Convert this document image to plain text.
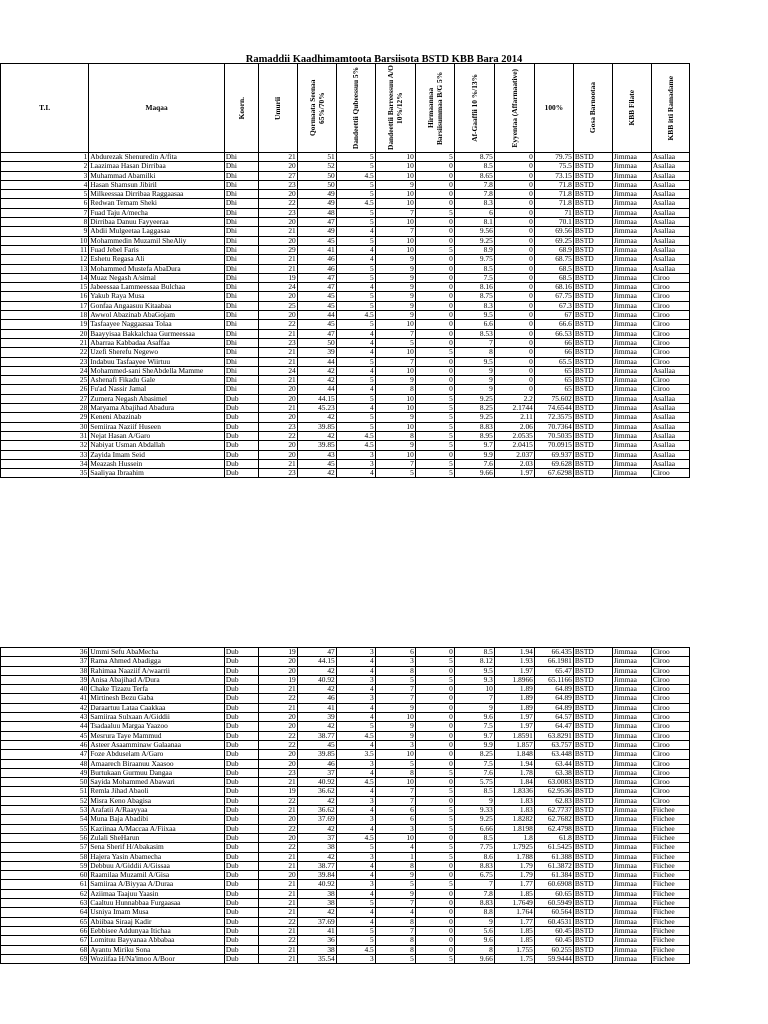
Ramaddii Kaadhimamtoota Barsiisota BSTD KBB Bara 2014
T.I.	Maqaa	Koorn.	Umurii	Qormaata Seenaa 65%/70%	Dandeettii Qubeessuu 5%	Dandeettii Barreessuu A/O 10%/12%	Hirmaannaa Barsiisummaa B/G 5%	Af-Gaaffii 10 %/13%	Eyyentaa (Affarmaative)	100%	Gosa Barnootaa	KBB Filate	KBB itti Ramadame

1	Abdurezak Shenuredin A/fita	Dhi	21	51	5	10	5	8.75	0	79.75	BSTD	Jimmaa	Asallaa
2	Laazimaa Hasan Dirribaa	Dhi	20	52	5	10	0	8.5	0	75.5	BSTD	Jimmaa	Asallaa
3	Muhammad Abamilki	Dhi	27	50	4.5	10	0	8.65	0	73.15	BSTD	Jimmaa	Asallaa
4	Hasan Shamsun Jibiril	Dhi	23	50	5	9	0	7.8	0	71.8	BSTD	Jimmaa	Asallaa
5	Milkeessaa Dirribaa Raggaasaa	Dhi	20	49	5	10	0	7.8	0	71.8	BSTD	Jimmaa	Asallaa
6	Redwan Temam Sheki	Dhi	22	49	4.5	10	0	8.3	0	71.8	BSTD	Jimmaa	Asallaa
7	Fuad Taju A/mecha	Dhi	23	48	5	7	5	6	0	71	BSTD	Jimmaa	Asallaa
8	Dirribaa Danuu Fayyeeraa	Dhi	20	47	5	10	0	8.1	0	70.1	BSTD	Jimmaa	Asallaa
9	Abdii Mulgeetaa Laggasaa	Dhi	21	49	4	7	0	9.56	0	69.56	BSTD	Jimmaa	Asallaa
10	Mohammedin Muzamil SheAliy	Dhi	20	45	5	10	0	9.25	0	69.25	BSTD	Jimmaa	Asallaa
11	Fuad Jebel Faris	Dhi	29	41	4	10	5	8.9	0	68.9	BSTD	Jimmaa	Asallaa
12	Eshetu Regasa Ali	Dhi	21	46	4	9	0	9.75	0	68.75	BSTD	Jimmaa	Asallaa
13	Mohammed Mustefa AbaDura	Dhi	21	46	5	9	0	8.5	0	68.5	BSTD	Jimmaa	Asallaa
14	Muaz Negash A/simal	Dhi	19	47	5	9	0	7.5	0	68.5	BSTD	Jimmaa	Ciroo
15	Jabeessaa Lammeessaa Bulchaa	Dhi	24	47	4	9	0	8.16	0	68.16	BSTD	Jimmaa	Ciroo
16	Yakub Raya Musa	Dhi	20	45	5	9	0	8.75	0	67.75	BSTD	Jimmaa	Ciroo
17	Gonfaa Angaasuu Kitaabaa	Dhi	25	45	5	9	0	8.3	0	67.3	BSTD	Jimmaa	Ciroo
18	Awwol Abazinab AbaGojam	Dhi	20	44	4.5	9	0	9.5	0	67	BSTD	Jimmaa	Ciroo
19	Tasfaayee Naggaasaa Tolaa	Dhi	22	45	5	10	0	6.6	0	66.6	BSTD	Jimmaa	Ciroo
20	Baayyisaa Bakkalchaa Gurmeessaa	Dhi	21	47	4	7	0	8.53	0	66.53	BSTD	Jimmaa	Ciroo
21	Abarraa Kabbadaa Asaffaa	Dhi	23	50	4	5	0	7	0	66	BSTD	Jimmaa	Ciroo
22	Uzefi Sherefu Negewo	Dhi	21	39	4	10	5	8	0	66	BSTD	Jimmaa	Ciroo
23	Indabuu Tasfaayee Wiirtuu	Dhi	21	44	5	7	0	9.5	0	65.5	BSTD	Jimmaa	Ciroo
24	Mohammed-sani SheAbdella Mamme	Dhi	24	42	4	10	0	9	0	65	BSTD	Jimmaa	Asallaa
25	Ashenafi Fikadu Gale	Dhi	21	42	5	9	0	9	0	65	BSTD	Jimmaa	Ciroo
26	Fu'ad Nassir Jamal	Dhi	20	44	4	8	0	9	0	65	BSTD	Jimmaa	Ciroo
27	Zumera Negash Abasimel	Dub	20	44.15	5	10	5	9.25	2.2	75.602	BSTD	Jimmaa	Asallaa
28	Maryama Abajihad Abadura	Dub	21	45.23	4	10	5	8.25	2.1744	74.6544	BSTD	Jimmaa	Asallaa
29	Keneni Abazinab	Dub	20	42	5	9	5	9.25	2.11	72.3575	BSTD	Jimmaa	Asallaa
30	Semiiraa Naziif Huseen	Dub	23	39.85	5	10	5	8.83	2.06	70.7364	BSTD	Jimmaa	Asallaa
31	Nejat Hasan A/Garo	Dub	22	42	4.5	8	5	8.95	2.0535	70.5035	BSTD	Jimmaa	Asallaa
32	Nabiyat Usman Abdallah	Dub	20	39.85	4.5	9	5	9.7	2.0415	70.0915	BSTD	Jimmaa	Asallaa
33	Zayida Imam Seid	Dub	20	43	3	10	0	9.9	2.037	69.937	BSTD	Jimmaa	Asallaa
34	Meazash Hussein	Dub	21	45	3	7	5	7.6	2.03	69.628	BSTD	Jimmaa	Asallaa
35	Saaliyaa Ibraahim	Dub	23	42	4	5	5	9.66	1.97	67.6298	BSTD	Jimmaa	Ciroo
36	Ummi Sefu AbaMecha	Dub	19	47	3	6	0	8.5	1.94	66.435	BSTD	Jimmaa	Ciroo
37	Rama Ahmed Abadigga	Dub	20	44.15	4	3	5	8.12	1.93	66.1981	BSTD	Jimmaa	Ciroo
38	Rahimaa Naaziif A/waarrii	Dub	20	42	4	8	0	9.5	1.97	65.47	BSTD	Jimmaa	Ciroo
39	Anisa Abajihad A/Dura	Dub	19	40.92	3	5	5	9.3	1.8966	65.1166	BSTD	Jimmaa	Ciroo
40	Chake Tizazu Terfa	Dub	21	42	4	7	0	10	1.89	64.89	BSTD	Jimmaa	Ciroo
41	Mirtinesh Bezu Gaba	Dub	22	46	3	7	0	7	1.89	64.89	BSTD	Jimmaa	Ciroo
42	Daraartuu Lataa Caakkaa	Dub	21	41	4	9	0	9	1.89	64.89	BSTD	Jimmaa	Ciroo
43	Samiiraa Sulxaan A/Giddii	Dub	20	39	4	10	0	9.6	1.97	64.57	BSTD	Jimmaa	Ciroo
44	Tsadaaluu Margaa Yaazoo	Dub	20	42	5	9	0	7.5	1.97	64.47	BSTD	Jimmaa	Ciroo
45	Mesrura Taye Mammud	Dub	22	38.77	4.5	9	0	9.7	1.8591	63.8291	BSTD	Jimmaa	Ciroo
46	Asteer Asaamminaw Galaanaa	Dub	22	45	4	3	0	9.9	1.857	63.757	BSTD	Jimmaa	Ciroo
47	Foze Abduselam A/Garo	Dub	20	39.85	3.5	10	0	8.25	1.848	63.448	BSTD	Jimmaa	Ciroo
48	Amaarech Biraanuu Xaasoo	Dub	20	46	3	5	0	7.5	1.94	63.44	BSTD	Jimmaa	Ciroo
49	Burtukaan Gurmuu Dangaa	Dub	23	37	4	8	5	7.6	1.78	63.38	BSTD	Jimmaa	Ciroo
50	Sayida Mohammed Abawari	Dub	21	40.92	4.5	10	0	5.75	1.84	63.0083	BSTD	Jimmaa	Ciroo
51	Remla Jihad Abaoli	Dub	19	36.62	4	7	5	8.5	1.8336	62.9536	BSTD	Jimmaa	Ciroo
52	Misra Keno Abagisa	Dub	22	42	3	7	0	9	1.83	62.83	BSTD	Jimmaa	Ciroo
53	Arafatii A/Raayyaa	Dub	21	36.62	4	6	5	9.33	1.83	62.7737	BSTD	Jimmaa	Fiichee
54	Muna Baja Abadibi	Dub	20	37.69	3	6	5	9.25	1.8282	62.7682	BSTD	Jimmaa	Fiichee
55	Kaziinaa A/Maccaa A/Fiixaa	Dub	22	42	4	3	5	6.66	1.8198	62.4798	BSTD	Jimmaa	Fiichee
56	Zulali SheHarun	Dub	20	37	4.5	10	0	8.5	1.8	61.8	BSTD	Jimmaa	Fiichee
57	Sena Sherif H/Abakasim	Dub	22	38	5	4	5	7.75	1.7925	61.5425	BSTD	Jimmaa	Fiichee
58	Hajera Yasin Abamecha	Dub	21	42	3	1	5	8.6	1.788	61.388	BSTD	Jimmaa	Fiichee
59	Debbuu A/Giddii A/Gissaa	Dub	21	38.77	4	8	0	8.83	1.79	61.3872	BSTD	Jimmaa	Fiichee
60	Raamilaa Muzamil A/Gisa	Dub	20	39.84	4	9	0	6.75	1.79	61.384	BSTD	Jimmaa	Fiichee
61	Samiiraa A/Biyyaa A/Duraa	Dub	21	40.92	3	5	5	7	1.77	60.6908	BSTD	Jimmaa	Fiichee
62	Aziimaa Taajuu Yaasin	Dub	21	38	4	9	0	7.8	1.85	60.65	BSTD	Jimmaa	Fiichee
63	Caaltuu Hunnabbaa Furgaasaa	Dub	21	38	5	7	0	8.83	1.7649	60.5949	BSTD	Jimmaa	Fiichee
64	Usniya Imam Musa	Dub	21	42	4	4	0	8.8	1.764	60.564	BSTD	Jimmaa	Fiichee
65	Abiibaa Siraaj Kadir	Dub	22	37.69	4	8	0	9	1.77	60.4531	BSTD	Jimmaa	Fiichee
66	Eebbisee Addunyaa Itichaa	Dub	21	41	5	7	0	5.6	1.85	60.45	BSTD	Jimmaa	Fiichee
67	Lomituu Bayyanaa Abbabaa	Dub	22	36	5	8	0	9.6	1.85	60.45	BSTD	Jimmaa	Fiichee
68	Ayantu Miriku Sona	Dub	21	38	4.5	8	0	8	1.755	60.255	BSTD	Jimmaa	Fiichee
69	Woziifaa H/Na'imoo A/Boor	Dub	21	35.54	3	5	5	9.66	1.75	59.9444	BSTD	Jimmaa	Fiichee
